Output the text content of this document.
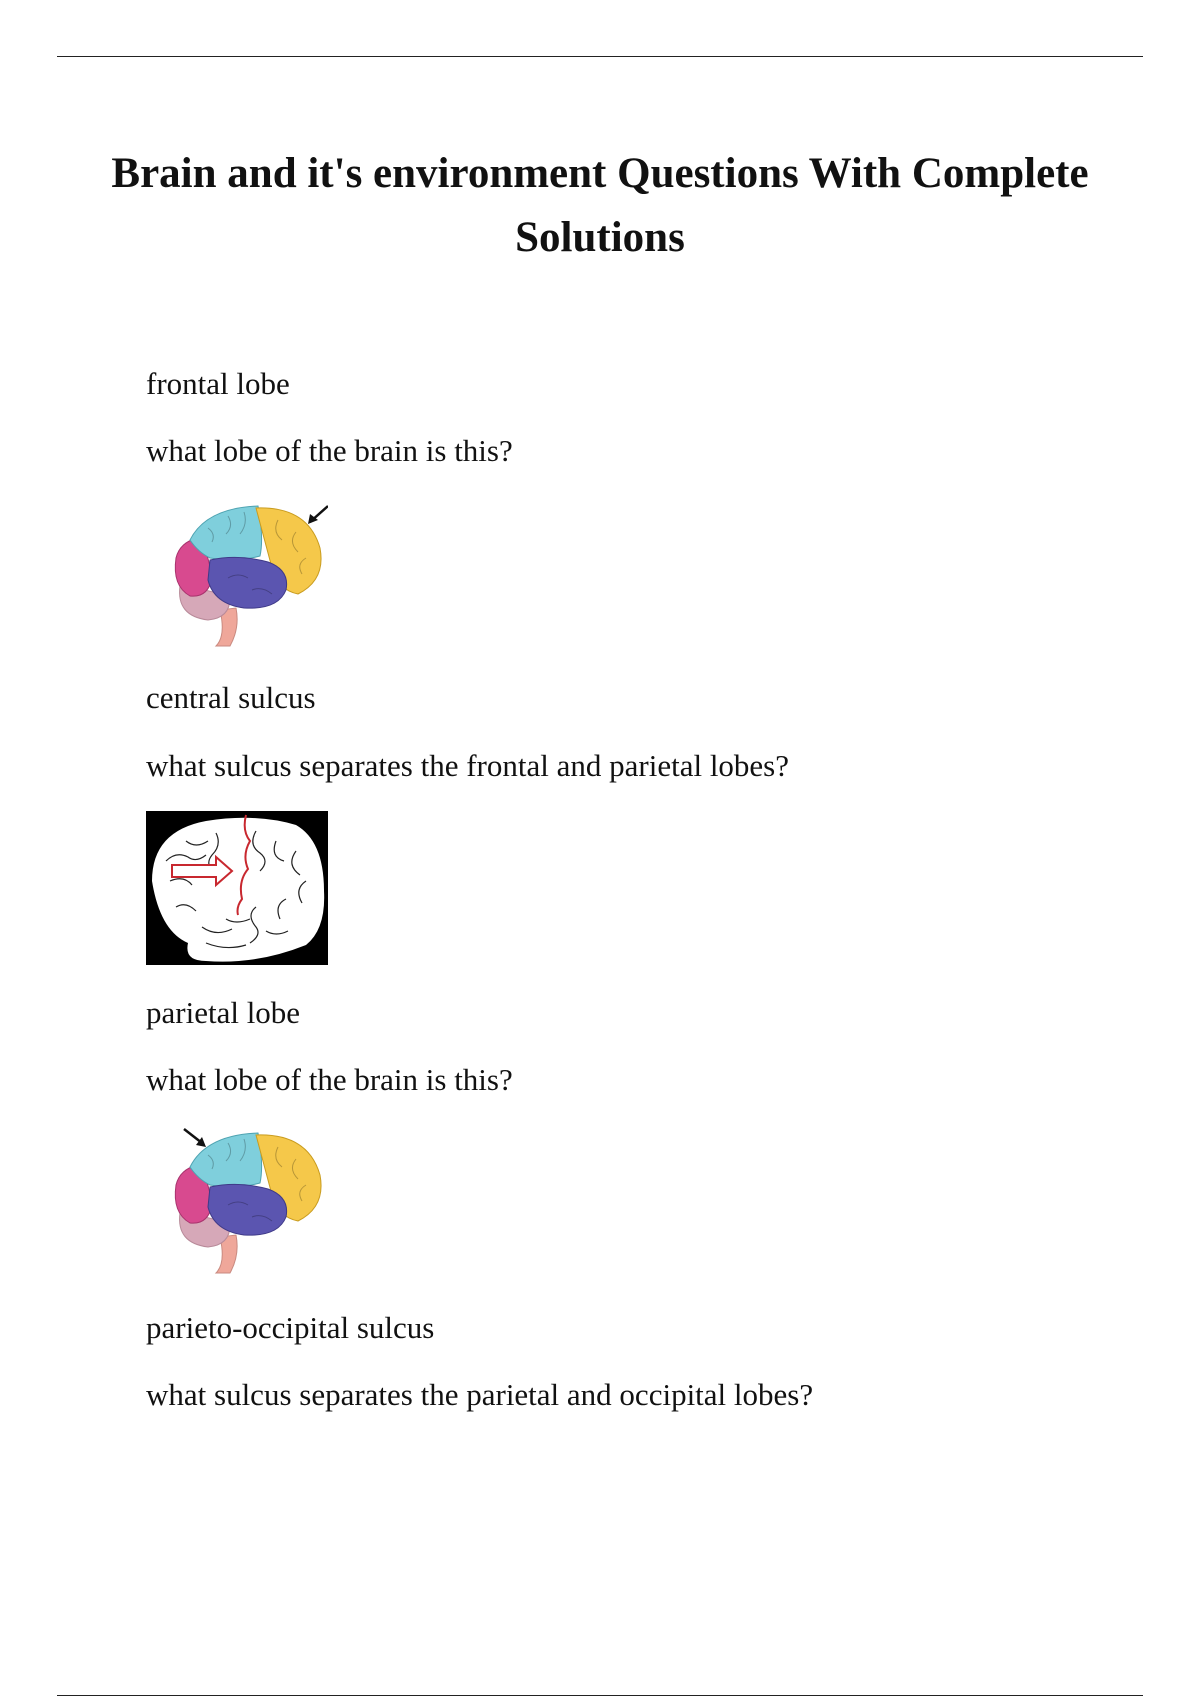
Brain and it's environment Questions With Complete Solutions
frontal lobe
what lobe of the brain is this?
central sulcus
what sulcus separates the frontal and parietal lobes?
parietal lobe
what lobe of the brain is this?
parieto-occipital sulcus
what sulcus separates the parietal and occipital lobes?
